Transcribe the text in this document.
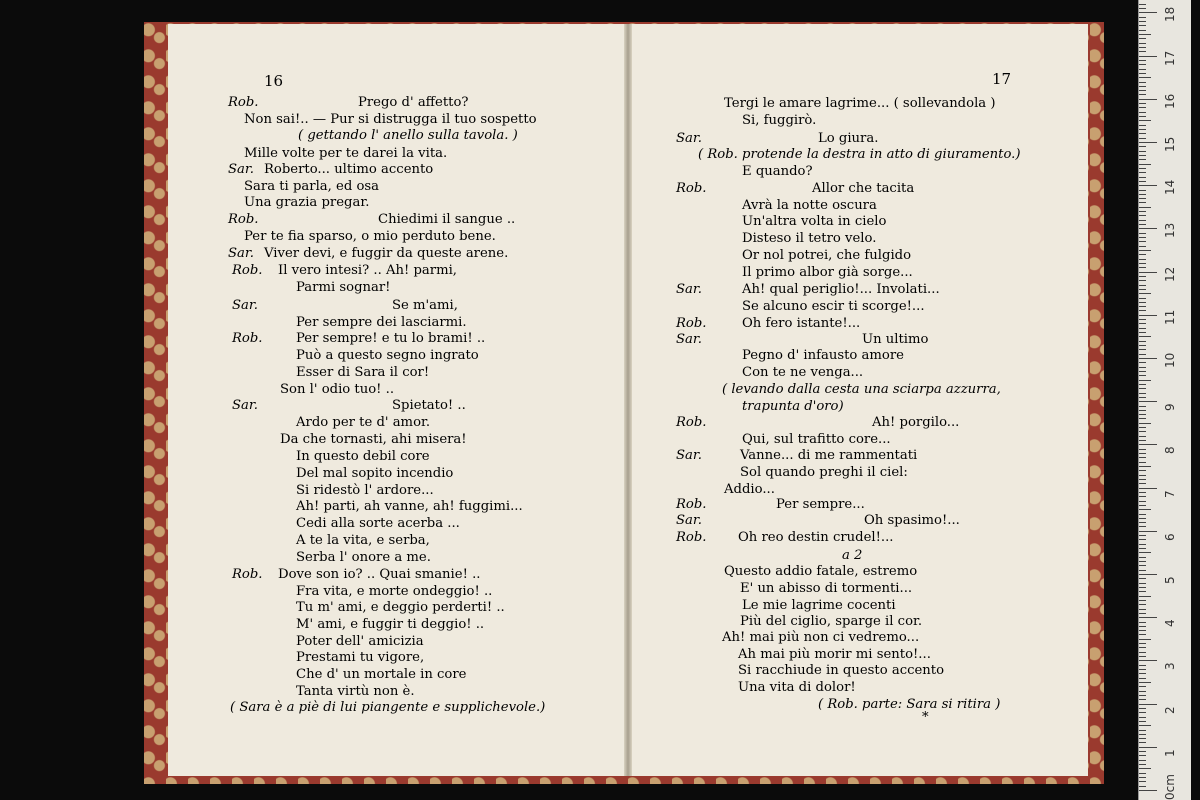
16	17
Rob.	Prego d' affetto?
Non sai!.. — Pur si distrugga il tuo sospetto
( gettando l' anello sulla tavola. )
Mille volte per te darei la vita.
Sar. Roberto... ultimo accento
Sara ti parla, ed osa
Una grazia pregar.
Rob.	Chiedimi il sangue ..
Per te fia sparso, o mio perduto bene.
Sar. Viver devi, e fuggir da queste arene.
Rob. Il vero intesi? .. Ah! parmi,
Parmi sognar!
Sar.	Se m'ami,
Per sempre dei lasciarmi.
Rob.	Per sempre! e tu lo brami! ..
Può a questo segno ingrato
Esser di Sara il cor!
Son l' odio tuo! ..
Sar.	Spietato! ..
Ardo per te d' amor.
Da che tornasti, ahi misera!
In questo debil core
Del mal sopito incendio
Si ridestò l' ardore...
Ah! parti, ah vanne, ah! fuggimi...
Cedi alla sorte acerba ...
A te la vita, e serba,
Serba l' onore a me.
Rob. Dove son io? .. Quai smanie! ..
Fra vita, e morte ondeggio! ..
Tu m' ami, e deggio perderti! ..
M' ami, e fuggir ti deggio! ..
Poter dell' amicizia
Prestami tu vigore,
Che d' un mortale in core
Tanta virtù non è.
( Sara è a piè di lui piangente e supplichevole.)
Tergi le amare lagrime... ( sollevandola )
Si, fuggirò.
Sar.	Lo giura.
( Rob. protende la destra in atto di giuramento.)
E quando?
Rob.	Allor che tacita
Avrà la notte oscura
Un'altra volta in cielo
Disteso il tetro velo.
Or nol potrei, che fulgido
Il primo albor già sorge...
Sar.	Ah! qual periglio!... Involati...
Se alcuno escir ti scorge!...
Rob.	Oh fero istante!...
Sar.	Un ultimo
Pegno d' infausto amore
Con te ne venga...
( levando dalla cesta una sciarpa azzurra,
trapunta d'oro)
Rob.	Ah! porgilo...
Qui, sul trafitto core...
Sar.	Vanne... di me rammentati
Sol quando preghi il ciel:
Addio...
Rob.	Per sempre...
Sar.	Oh spasimo!...
Rob. Oh reo destin crudel!...
a 2
Questo addio fatale, estremo
E' un abisso di tormenti...
Le mie lagrime cocenti
Più del ciglio, sparge il cor.
Ah! mai più non ci vedremo...
Ah mai più morir mi sento!...
Si racchiude in questo accento
Una vita di dolor!
( Rob. parte: Sara si ritira )
*
0cm
1
2
3
4
5
6
7
8
9
10
11
12
13
14
15
16
17
18
